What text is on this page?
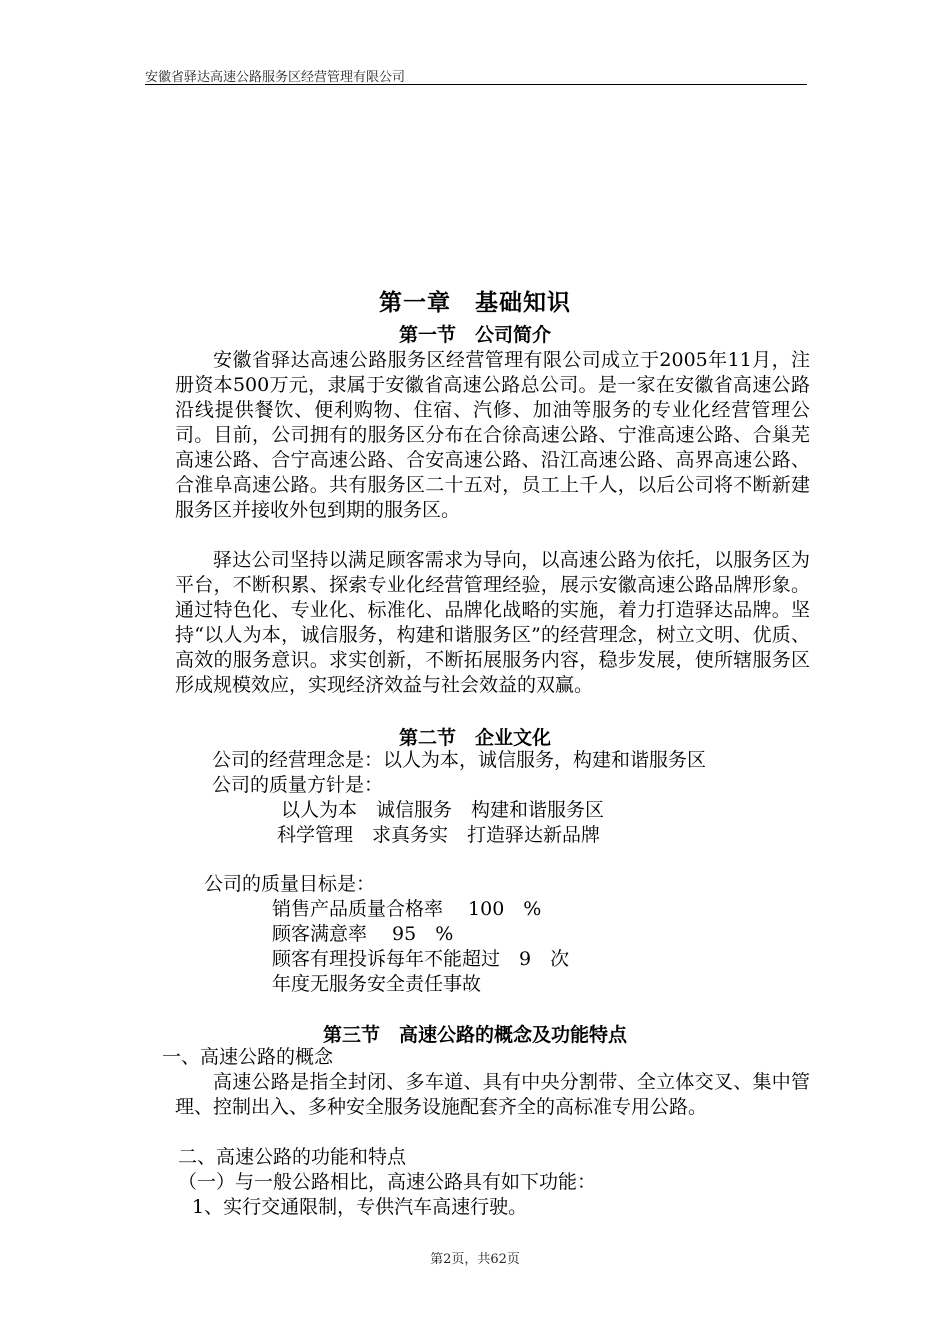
安徽省驿达高速公路服务区经营管理有限公司
第一章　基础知识
第一节　公司简介

安徽省驿达高速公路服务区经营管理有限公司成立于2005年11月，注册资本500万元，隶属于安徽省高速公路总公司。是一家在安徽省高速公路沿线提供餐饮、便利购物、住宿、汽修、加油等服务的专业化经营管理公司。目前，公司拥有的服务区分布在合徐高速公路、宁淮高速公路、合巢芜高速公路、合宁高速公路、合安高速公路、沿江高速公路、高界高速公路、合淮阜高速公路。共有服务区二十五对，员工上千人，以后公司将不断新建服务区并接收外包到期的服务区。

驿达公司坚持以满足顾客需求为导向，以高速公路为依托，以服务区为平台，不断积累、探索专业化经营管理经验，展示安徽高速公路品牌形象。通过特色化、专业化、标准化、品牌化战略的实施，着力打造驿达品牌。坚持“以人为本，诚信服务，构建和谐服务区”的经营理念，树立文明、优质、高效的服务意识。求实创新，不断拓展服务内容，稳步发展，使所辖服务区形成规模效应，实现经济效益与社会效益的双赢。

第二节　企业文化

公司的经营理念是：以人为本，诚信服务，构建和谐服务区

公司的质量方针是：

以人为本　诚信服务　构建和谐服务区

科学管理　求真务实　打造驿达新品牌

公司的质量目标是：

销售产品质量合格率　 100　%

顾客满意率　 95　%

顾客有理投诉每年不能超过　9　次

年度无服务安全责任事故

第三节　高速公路的概念及功能特点

一、高速公路的概念

高速公路是指全封闭、多车道、具有中央分割带、全立体交叉、集中管理、控制出入、多种安全服务设施配套齐全的高标准专用公路。

二、高速公路的功能和特点

（一）与一般公路相比，高速公路具有如下功能：

1、实行交通限制，专供汽车高速行驶。

第2页，共62页
